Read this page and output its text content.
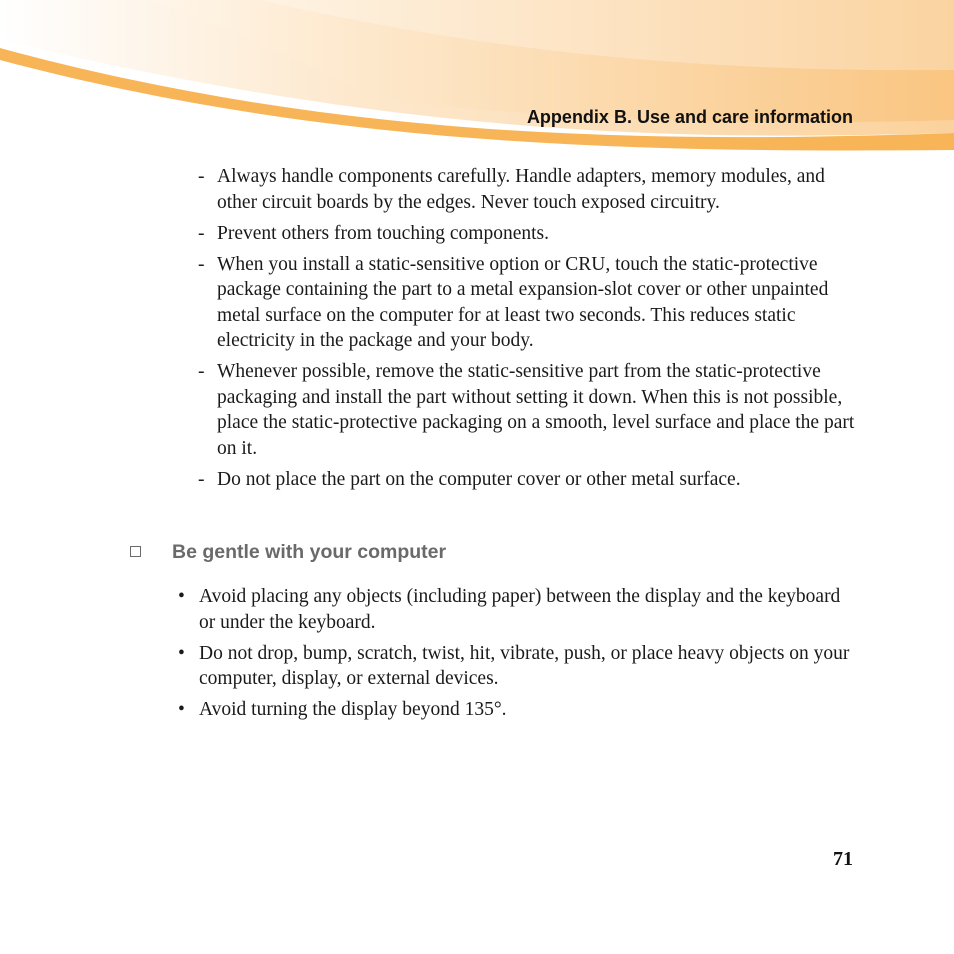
Appendix B. Use and care information
- Always handle components carefully. Handle adapters, memory modules, and other circuit boards by the edges. Never touch exposed circuitry.
- Prevent others from touching components.
- When you install a static-sensitive option or CRU, touch the static-protective package containing the part to a metal expansion-slot cover or other unpainted metal surface on the computer for at least two seconds. This reduces static electricity in the package and your body.
- Whenever possible, remove the static-sensitive part from the static-protective packaging and install the part without setting it down. When this is not possible, place the static-protective packaging on a smooth, level surface and place the part on it.
- Do not place the part on the computer cover or other metal surface.
Be gentle with your computer
• Avoid placing any objects (including paper) between the display and the keyboard or under the keyboard.
• Do not drop, bump, scratch, twist, hit, vibrate, push, or place heavy objects on your computer, display, or external devices.
• Avoid turning the display beyond 135°.
71
